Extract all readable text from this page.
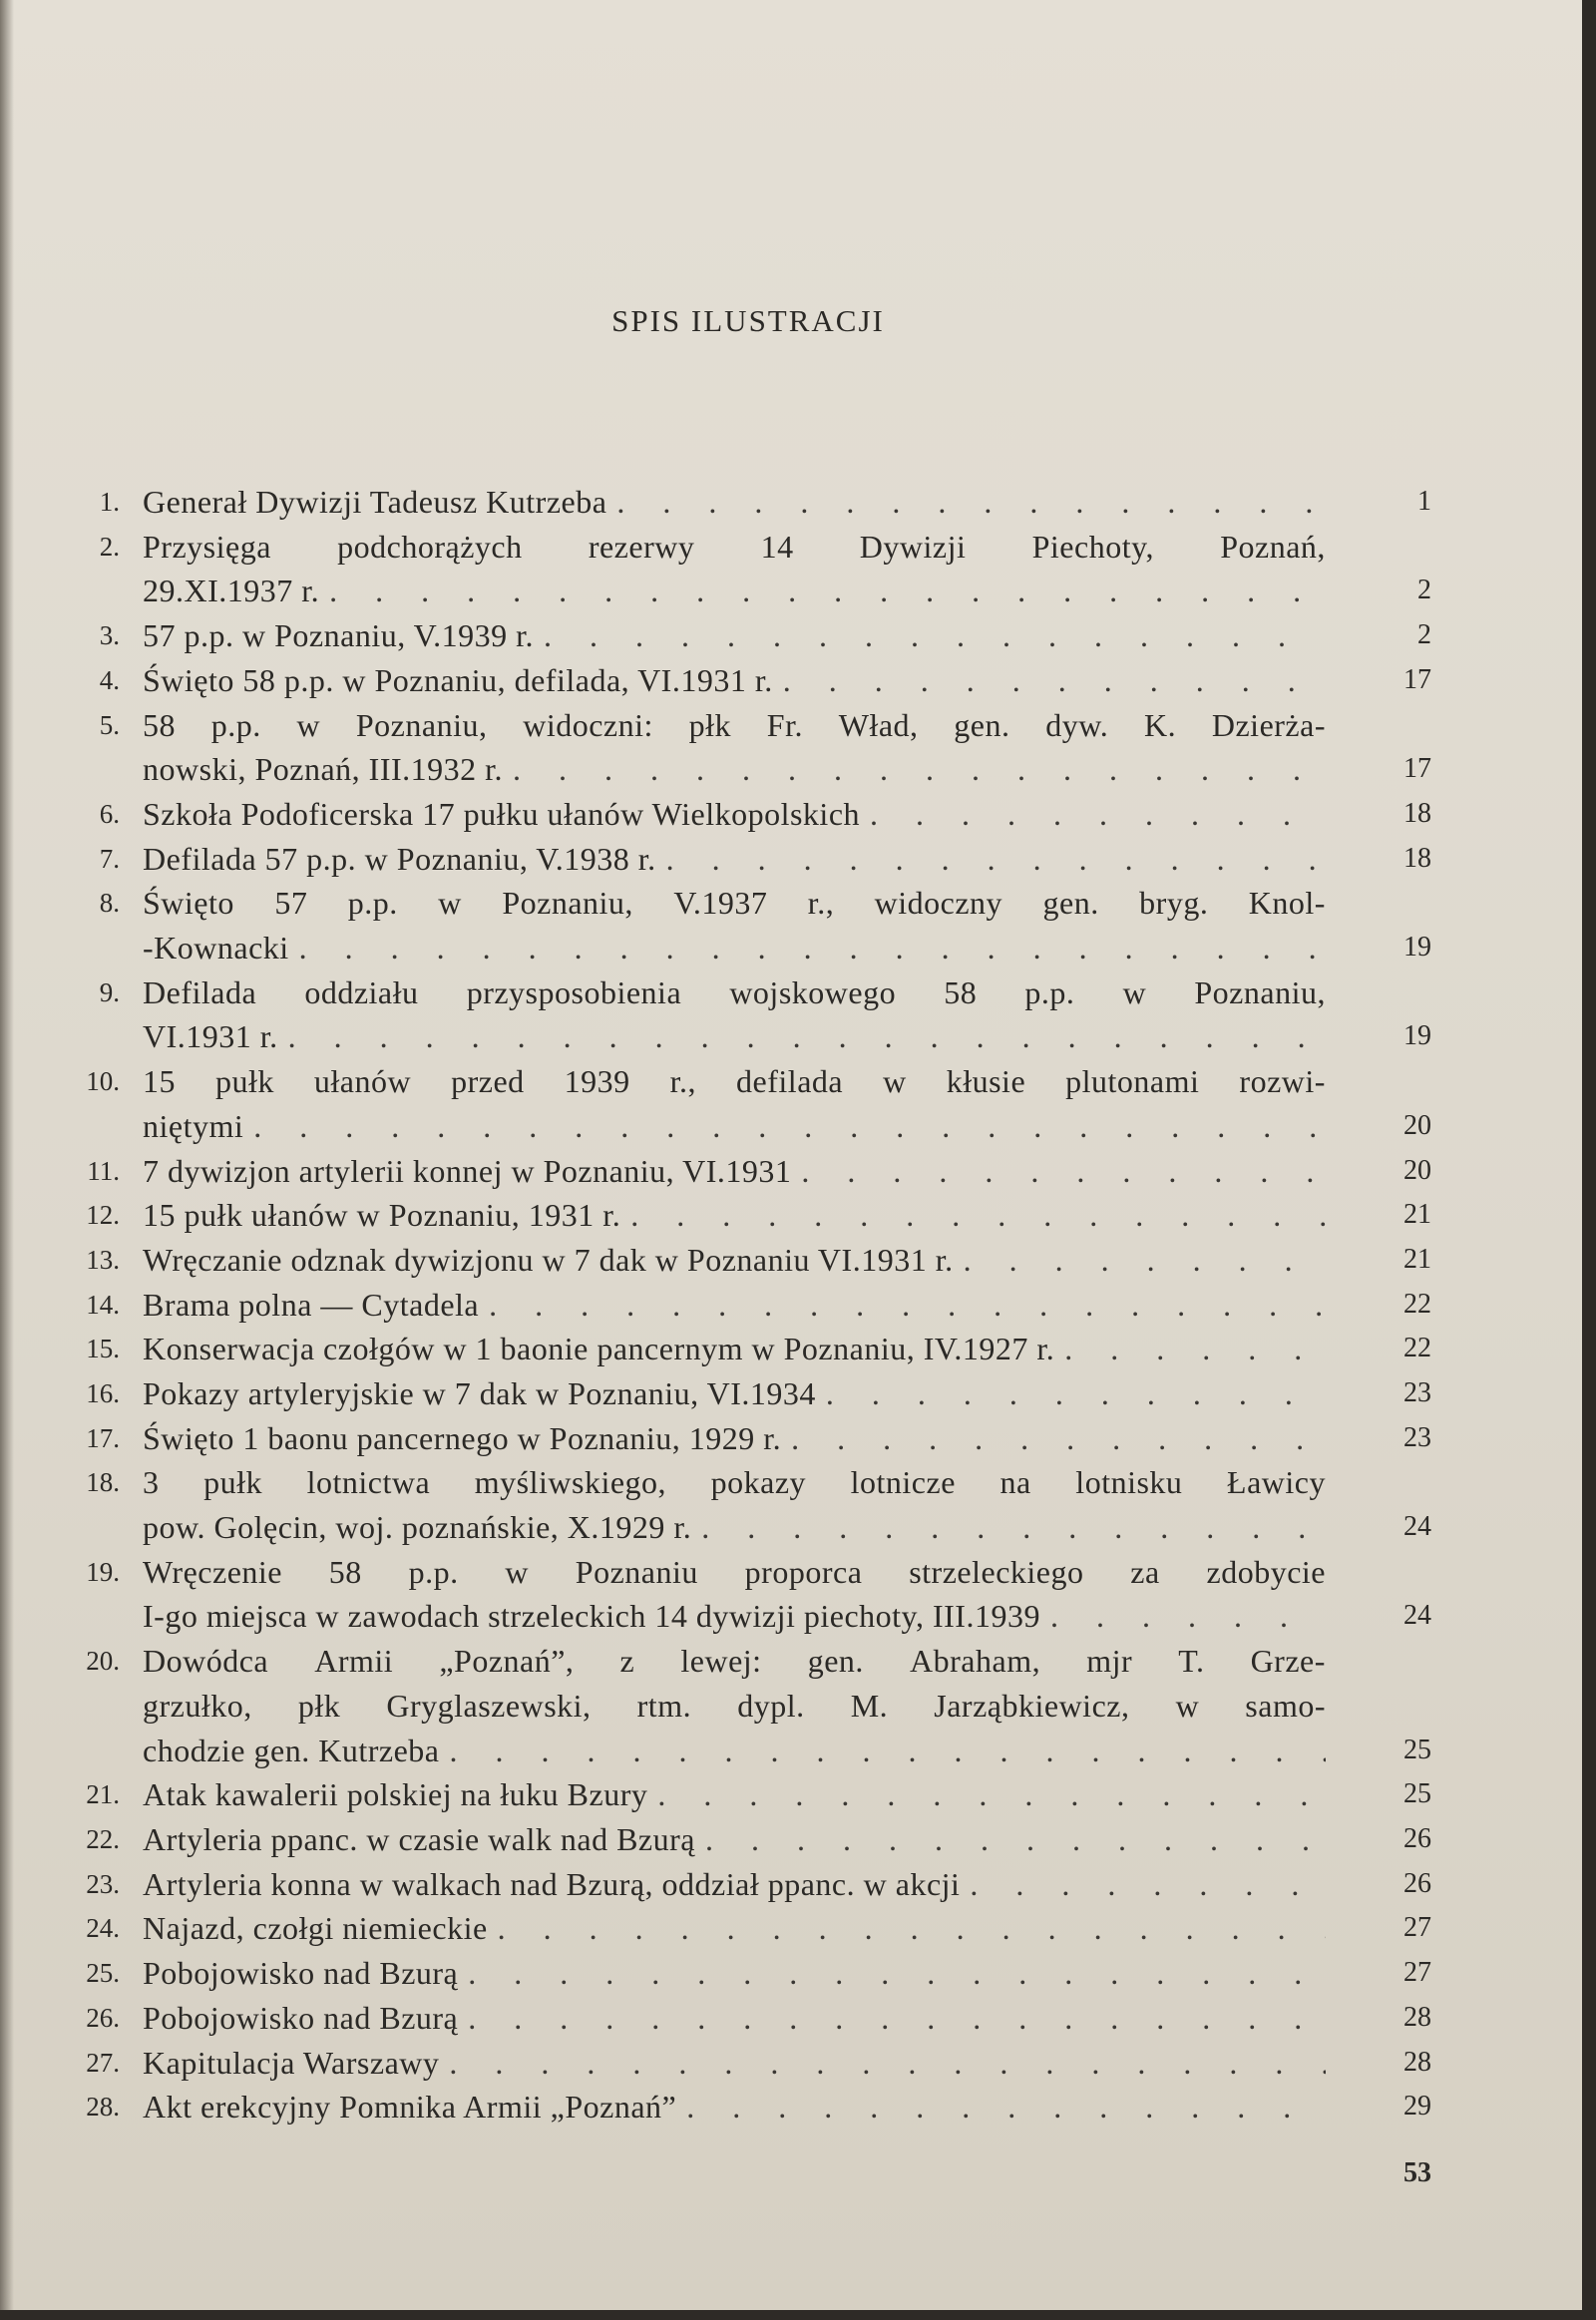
SPIS ILUSTRACJI
1. Generał Dywizji Tadeusz Kutrzeba . . .	1
2. Przysięga podchorążych rezerwy 14 Dywizji Piechoty, Poznań,
29.XI.1937 r. . . .	2
3. 57 p.p. w Poznaniu, V.1939 r. . . .	2
4. Święto 58 p.p. w Poznaniu, defilada, VI.1931 r. . . .	17
5. 58 p.p. w Poznaniu, widoczni: płk Fr. Wład, gen. dyw. K. Dzierża-
nowski, Poznań, III.1932 r. . . .	17
6. Szkoła Podoficerska 17 pułku ułanów Wielkopolskich . . .	18
7. Defilada 57 p.p. w Poznaniu, V.1938 r. . . .	18
8. Święto 57 p.p. w Poznaniu, V.1937 r., widoczny gen. bryg. Knol-
-Kownacki . . .	19
9. Defilada oddziału przysposobienia wojskowego 58 p.p. w Poznaniu,
VI.1931 r. . . .	19
10. 15 pułk ułanów przed 1939 r., defilada w kłusie plutonami rozwi-
niętymi . . .	20
11. 7 dywizjon artylerii konnej w Poznaniu, VI.1931 . . .	20
12. 15 pułk ułanów w Poznaniu, 1931 r. . . .	21
13. Wręczanie odznak dywizjonu w 7 dak w Poznaniu VI.1931 r. . . .	21
14. Brama polna — Cytadela . . .	22
15. Konserwacja czołgów w 1 baonie pancernym w Poznaniu, IV.1927 r. . . .	22
16. Pokazy artyleryjskie w 7 dak w Poznaniu, VI.1934 . . .	23
17. Święto 1 baonu pancernego w Poznaniu, 1929 r. . . .	23
18. 3 pułk lotnictwa myśliwskiego, pokazy lotnicze na lotnisku Ławicy
pow. Golęcin, woj. poznańskie, X.1929 r. . . .	24
19. Wręczenie 58 p.p. w Poznaniu proporca strzeleckiego za zdobycie
I-go miejsca w zawodach strzeleckich 14 dywizji piechoty, III.1939 . . .	24
20. Dowódca Armii „Poznań”, z lewej: gen. Abraham, mjr T. Grze-
grzułko, płk Gryglaszewski, rtm. dypl. M. Jarząbkiewicz, w samo-
chodzie gen. Kutrzeba . . .	25
21. Atak kawalerii polskiej na łuku Bzury . . .	25
22. Artyleria ppanc. w czasie walk nad Bzurą . . .	26
23. Artyleria konna w walkach nad Bzurą, oddział ppanc. w akcji . . .	26
24. Najazd, czołgi niemieckie . . .	27
25. Pobojowisko nad Bzurą . . .	27
26. Pobojowisko nad Bzurą . . .	28
27. Kapitulacja Warszawy . . .	28
28. Akt erekcyjny Pomnika Armii „Poznań” . . .	29
53
